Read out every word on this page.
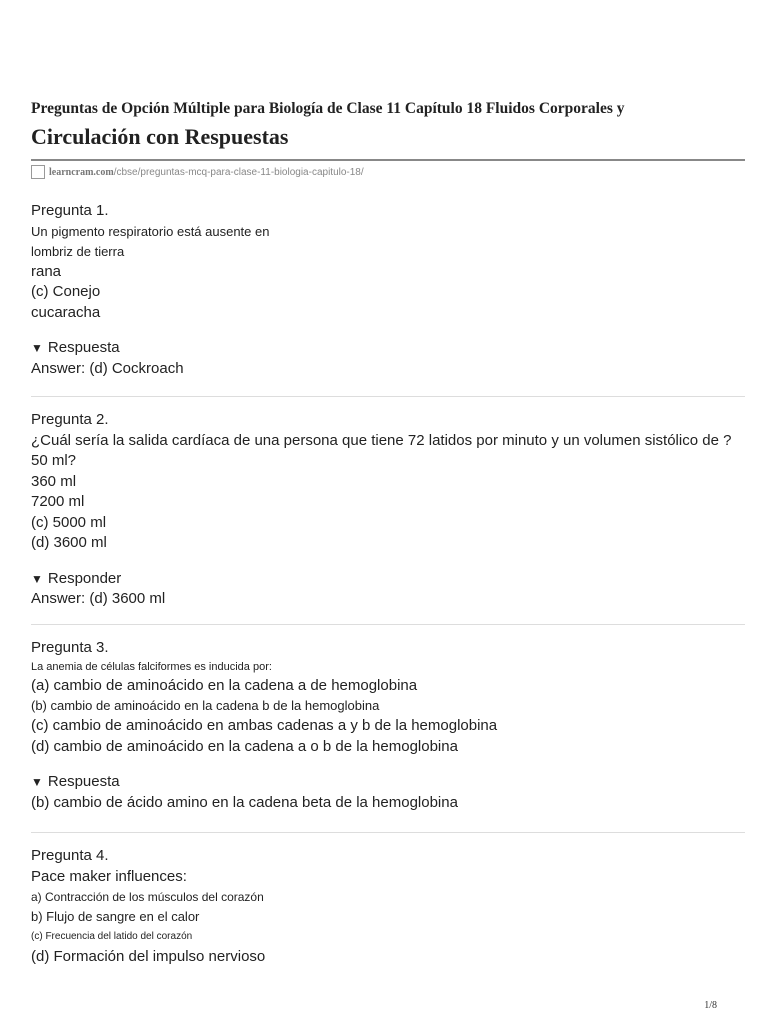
Preguntas de Opción Múltiple para Biología de Clase 11 Capítulo 18 Fluidos Corporales y
Circulación con Respuestas
learncram.com /cbse/preguntas-mcq-para-clase-11-biologia-capitulo-18/
Pregunta 1.
Un pigmento respiratorio está ausente en
lombriz de tierra
rana
(c) Conejo
cucaracha
▼ Respuesta
Answer: (d) Cockroach
Pregunta 2.
¿Cuál sería la salida cardíaca de una persona que tiene 72 latidos por minuto y un volumen sistólico de ?
50 ml?
360 ml
7200 ml
(c) 5000 ml
(d) 3600 ml
▼ Responder
Answer: (d) 3600 ml
Pregunta 3.
La anemia de células falciformes es inducida por:
(a) cambio de aminoácido en la cadena a de hemoglobina
(b) cambio de aminoácido en la cadena b de la hemoglobina
(c) cambio de aminoácido en ambas cadenas a y b de la hemoglobina
(d) cambio de aminoácido en la cadena a o b de la hemoglobina
▼ Respuesta
(b) cambio de ácido amino en la cadena beta de la hemoglobina
Pregunta 4.
Pace maker influences:
a) Contracción de los músculos del corazón
b) Flujo de sangre en el calor
(c) Frecuencia del latido del corazón
(d) Formación del impulso nervioso
1/8
